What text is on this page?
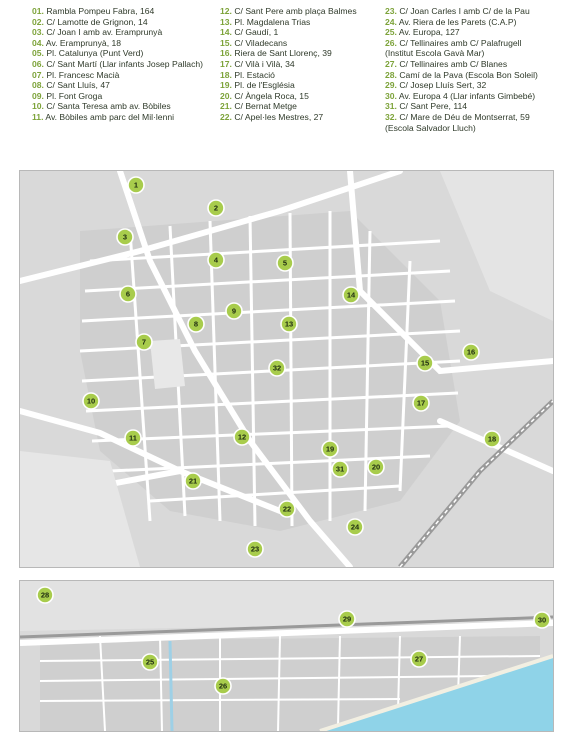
01. Rambla Pompeu Fabra, 164
02. C/ Lamotte de Grignon, 14
03. C/ Joan I amb av. Eramprunyà
04. Av. Eramprunyà, 18
05. Pl. Catalunya (Punt Verd)
06. C/ Sant Martí (Llar infants Josep Pallach)
07. Pl. Francesc Macià
08. C/ Sant Lluís, 47
09. Pl. Font Groga
10. C/ Santa Teresa amb av. Bòbiles
11. Av. Bòbiles amb parc del Mil·lenni
12. C/ Sant Pere amb plaça Balmes
13. Pl. Magdalena Trias
14. C/ Gaudí, 1
15. C/ Viladecans
16. Riera de Sant Llorenç, 39
17. C/ Vilà i Vilà, 34
18. Pl. Estació
19. Pl. de l'Església
20. C/ Àngela Roca, 15
21. C/ Bernat Metge
22. C/ Apel·les Mestres, 27
23. C/ Joan Carles I amb C/ de la Pau
24. Av. Riera de les Parets (C.A.P)
25. Av. Europa, 127
26. C/ Tellinaires amb C/ Palafrugell
(Institut Escola Gavà Mar)
27. C/ Tellinaires amb C/ Blanes
28. Camí de la Pava (Escola Bon Soleil)
29. C/ Josep Lluís Sert, 32
30. Av. Europa 4 (Llar infants Gimbebé)
31. C/ Sant Pere, 114
32. C/ Mare de Déu de Montserrat, 59
(Escola Salvador Lluch)
1
2
3
4	5
6
7
8
9
10
11	12
13
14
15
16
17
18
19
20
21
22
23
24
31
32
28
29	30
25
26
27
